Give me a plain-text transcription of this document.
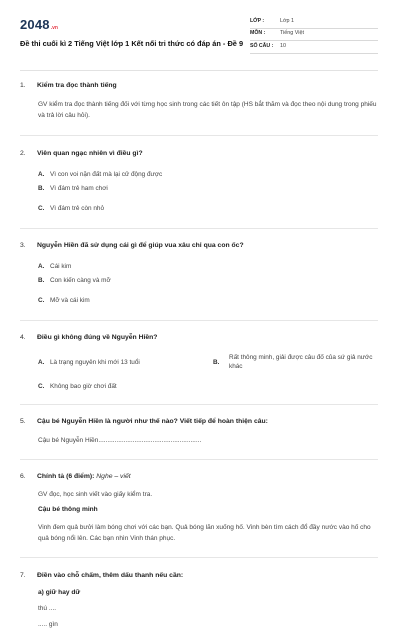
2048 .vn
Đề thi cuối kì 2 Tiếng Việt lớp 1 Kết nối tri thức có đáp án - Đề 9
LỚP :	Lớp 1
MÔN :	Tiếng Việt
SỐ CÂU :	10
1.	Kiểm tra đọc thành tiếng
GV kiểm tra đọc thành tiếng đối với từng học sinh trong các tiết ôn tập (HS bắt thăm và đọc theo nội dung trong phiếu và trả lời câu hỏi).
2.	Viên quan ngạc nhiên vì điều gì?
A. Vì con voi nặn đất mà lại cử động được
B. Vì đám trẻ ham chơi
C. Vì đám trẻ còn nhỏ
3.	Nguyễn Hiền đã sử dụng cái gì để giúp vua xâu chỉ qua con ốc?
A. Cái kim
B. Con kiến càng và mỡ
C. Mỡ và cái kim
4.	Điều gì không đúng về Nguyễn Hiền?
A. Là trạng nguyên khi mới 13 tuổi	B.
Rất thông minh, giải được câu đố của sứ giả nước khác
C. Không bao giờ chơi đất
5.	Cậu bé Nguyễn Hiền là người như thế nào? Viết tiếp để hoàn thiện câu:
Cậu bé Nguyễn Hiền.........................................................
6.	Chính tả (6 điểm):
Nghe – viết
GV đọc, học sinh viết vào giấy kiểm tra.
Cậu bé thông minh
Vinh đem quả bưởi làm bóng chơi với các bạn. Quả bóng lăn xuống hố. Vinh bèn tìm cách đổ đầy nước vào hố cho quả bóng nổi lên. Các bạn nhìn Vinh thán phục.
7.	Điền vào chỗ chấm, thêm dấu thanh nếu cần:
a) giữ hay dữ
thú ....
..... gìn
